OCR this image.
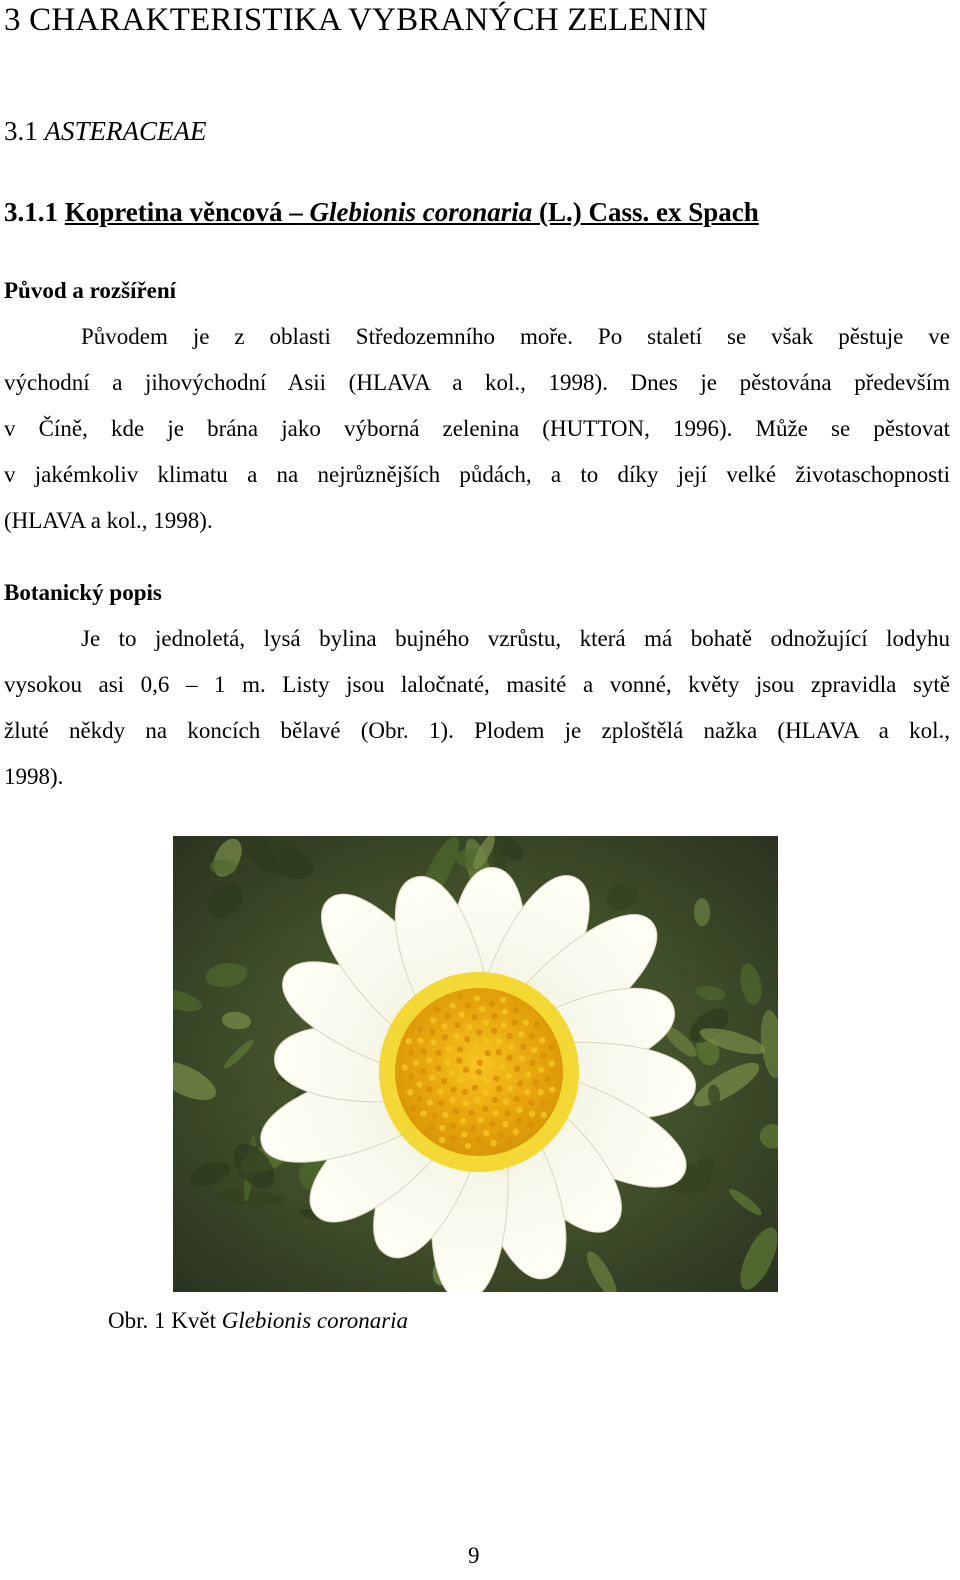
3 CHARAKTERISTIKA VYBRANÝCH ZELENIN
3.1 ASTERACEAE
3.1.1 Kopretina věncová – Glebionis coronaria (L.) Cass. ex Spach
Původ a rozšíření
Původem je z oblasti Středozemního moře. Po staletí se však pěstuje ve
východní a jihovýchodní Asii (HLAVA a kol., 1998). Dnes je pěstována především
v Číně, kde je brána jako výborná zelenina (HUTTON, 1996). Může se pěstovat
v jakémkoliv klimatu a na nejrůznějších půdách, a to díky její velké životaschopnosti
(HLAVA a kol., 1998).
Botanický popis
Je to jednoletá, lysá bylina bujného vzrůstu, která má bohatě odnožující lodyhu
vysokou asi 0,6 – 1 m. Listy jsou laločnaté, masité a vonné, květy jsou zpravidla sytě
žluté někdy na koncích bělavé (Obr. 1). Plodem je zploštělá nažka (HLAVA a kol.,
1998).

Obr. 1 Květ Glebionis coronaria

9
